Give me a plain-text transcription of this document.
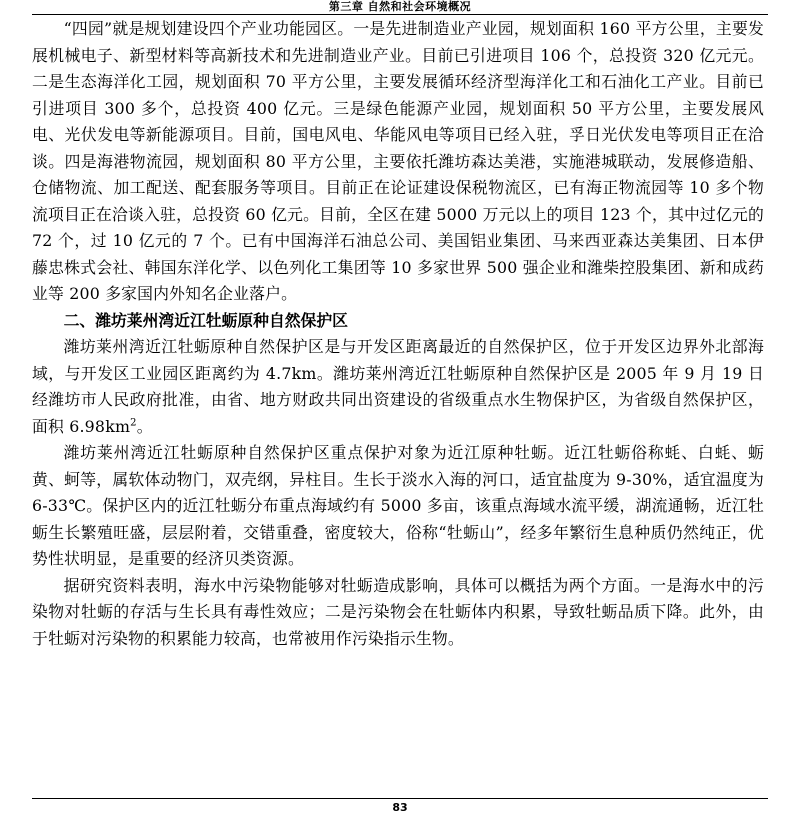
第三章 自然和社会环境概况

“四园”就是规划建设四个产业功能园区。一是先进制造业产业园，规划面积 160 平方公里，主要发展机械电子、新型材料等高新技术和先进制造业产业。目前已引进项目 106 个，总投资 320 亿元元。二是生态海洋化工园，规划面积 70 平方公里，主要发展循环经济型海洋化工和石油化工产业。目前已引进项目 300 多个，总投资 400 亿元。三是绿色能源产业园，规划面积 50 平方公里，主要发展风电、光伏发电等新能源项目。目前，国电风电、华能风电等项目已经入驻，孚日光伏发电等项目正在洽谈。四是海港物流园，规划面积 80 平方公里，主要依托潍坊森达美港，实施港城联动，发展修造船、仓储物流、加工配送、配套服务等项目。目前正在论证建设保税物流区，已有海正物流园等 10 多个物流项目正在洽谈入驻，总投资 60 亿元。目前，全区在建 5000 万元以上的项目 123 个，其中过亿元的 72 个，过 10 亿元的 7 个。已有中国海洋石油总公司、美国铝业集团、马来西亚森达美集团、日本伊藤忠株式会社、韩国东洋化学、以色列化工集团等 10 多家世界 500 强企业和潍柴控股集团、新和成药业等 200 多家国内外知名企业落户。

二、潍坊莱州湾近江牡蛎原种自然保护区

潍坊莱州湾近江牡蛎原种自然保护区是与开发区距离最近的自然保护区，位于开发区边界外北部海域，与开发区工业园区距离约为 4.7km。潍坊莱州湾近江牡蛎原种自然保护区是 2005 年 9 月 19 日经潍坊市人民政府批准，由省、地方财政共同出资建设的省级重点水生物保护区，为省级自然保护区，面积 $6.98km^2$。

潍坊莱州湾近江牡蛎原种自然保护区重点保护对象为近江原种牡蛎。近江牡蛎俗称蚝、白蚝、蛎黄、蚵等，属软体动物门，双壳纲，异柱目。生长于淡水入海的河口，适宜盐度为 9-30%，适宜温度为 6-33℃。保护区内的近江牡蛎分布重点海域约有 5000 多亩，该重点海域水流平缓，湖流通畅，近江牡蛎生长繁殖旺盛，层层附着，交错重叠，密度较大，俗称“牡蛎山”，经多年繁衍生息种质仍然纯正，优势性状明显，是重要的经济贝类资源。

据研究资料表明，海水中污染物能够对牡蛎造成影响，具体可以概括为两个方面。一是海水中的污染物对牡蛎的存活与生长具有毒性效应；二是污染物会在牡蛎体内积累，导致牡蛎品质下降。此外，由于牡蛎对污染物的积累能力较高，也常被用作污染指示生物。

83
